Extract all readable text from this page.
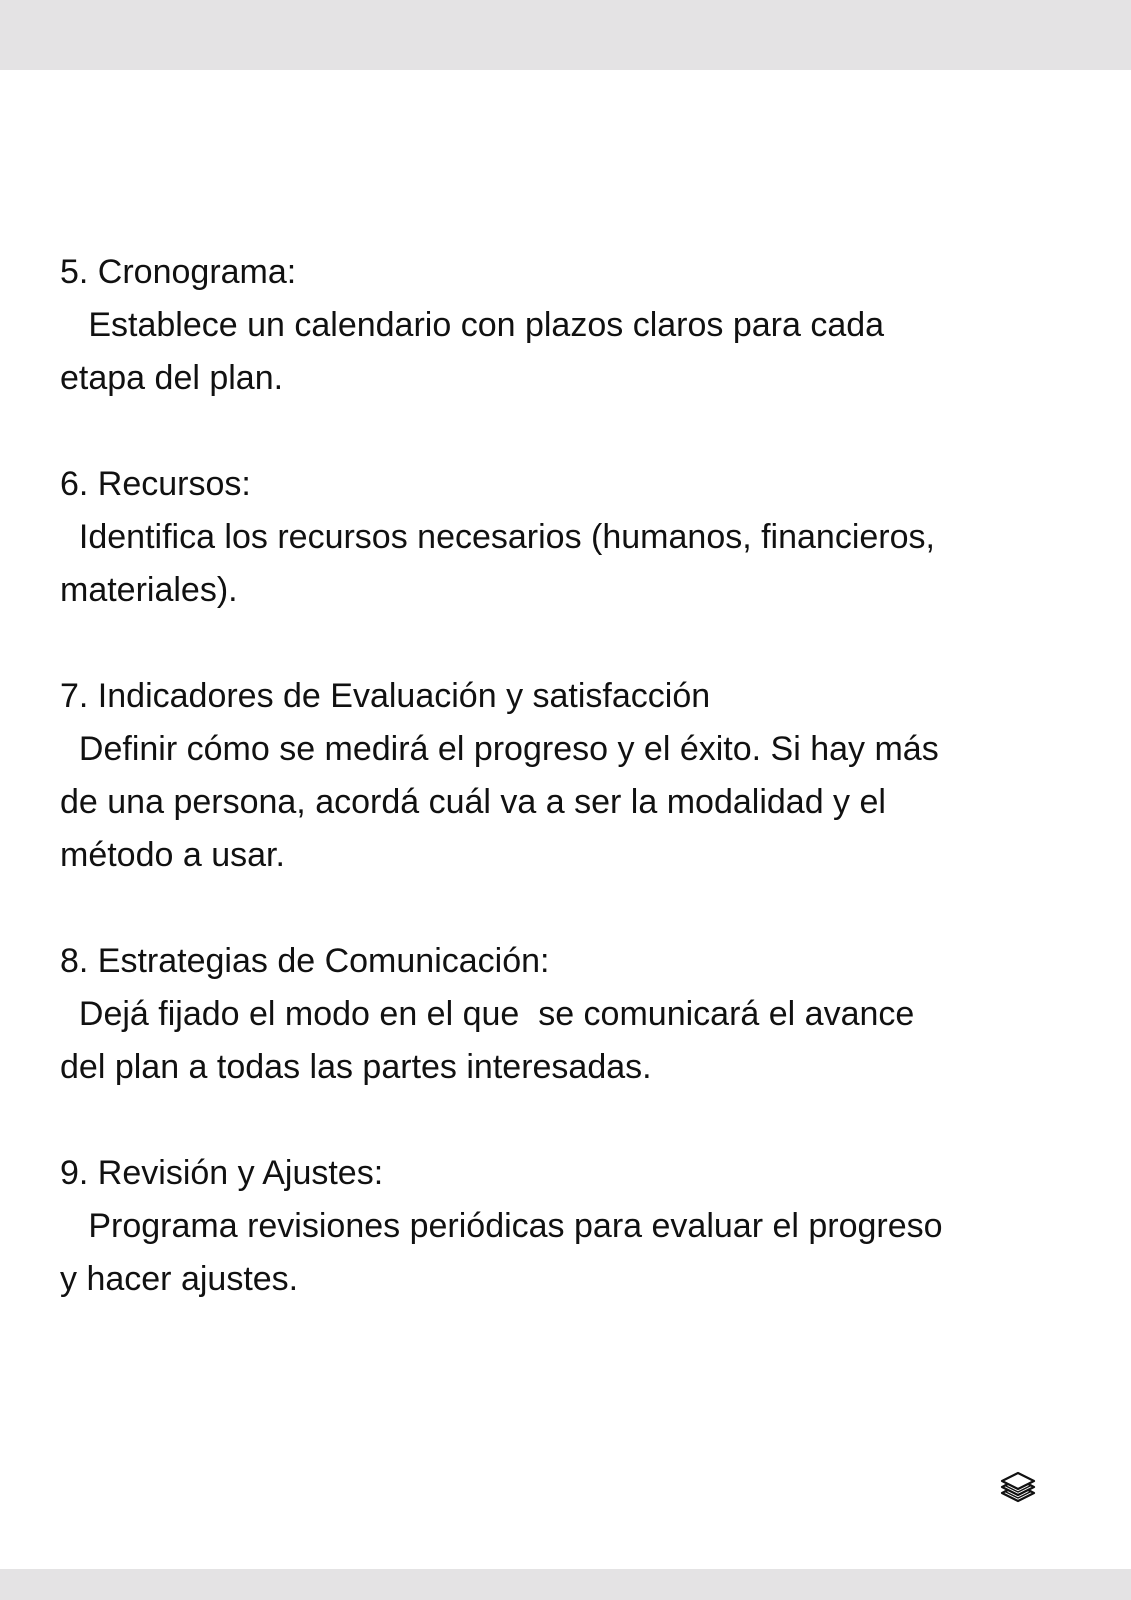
5. Cronograma:

Establece un calendario con plazos claros para cada
etapa del plan.

6. Recursos:

Identifica los recursos necesarios (humanos, financieros,
materiales).

7. Indicadores de Evaluación y satisfacción

Definir cómo se medirá el progreso y el éxito. Si hay más
de una persona, acordá cuál va a ser la modalidad y el
método a usar.

8. Estrategias de Comunicación:

Dejá fijado el modo en el que  se comunicará el avance
del plan a todas las partes interesadas.

9. Revisión y Ajustes:

Programa revisiones periódicas para evaluar el progreso
y hacer ajustes.
